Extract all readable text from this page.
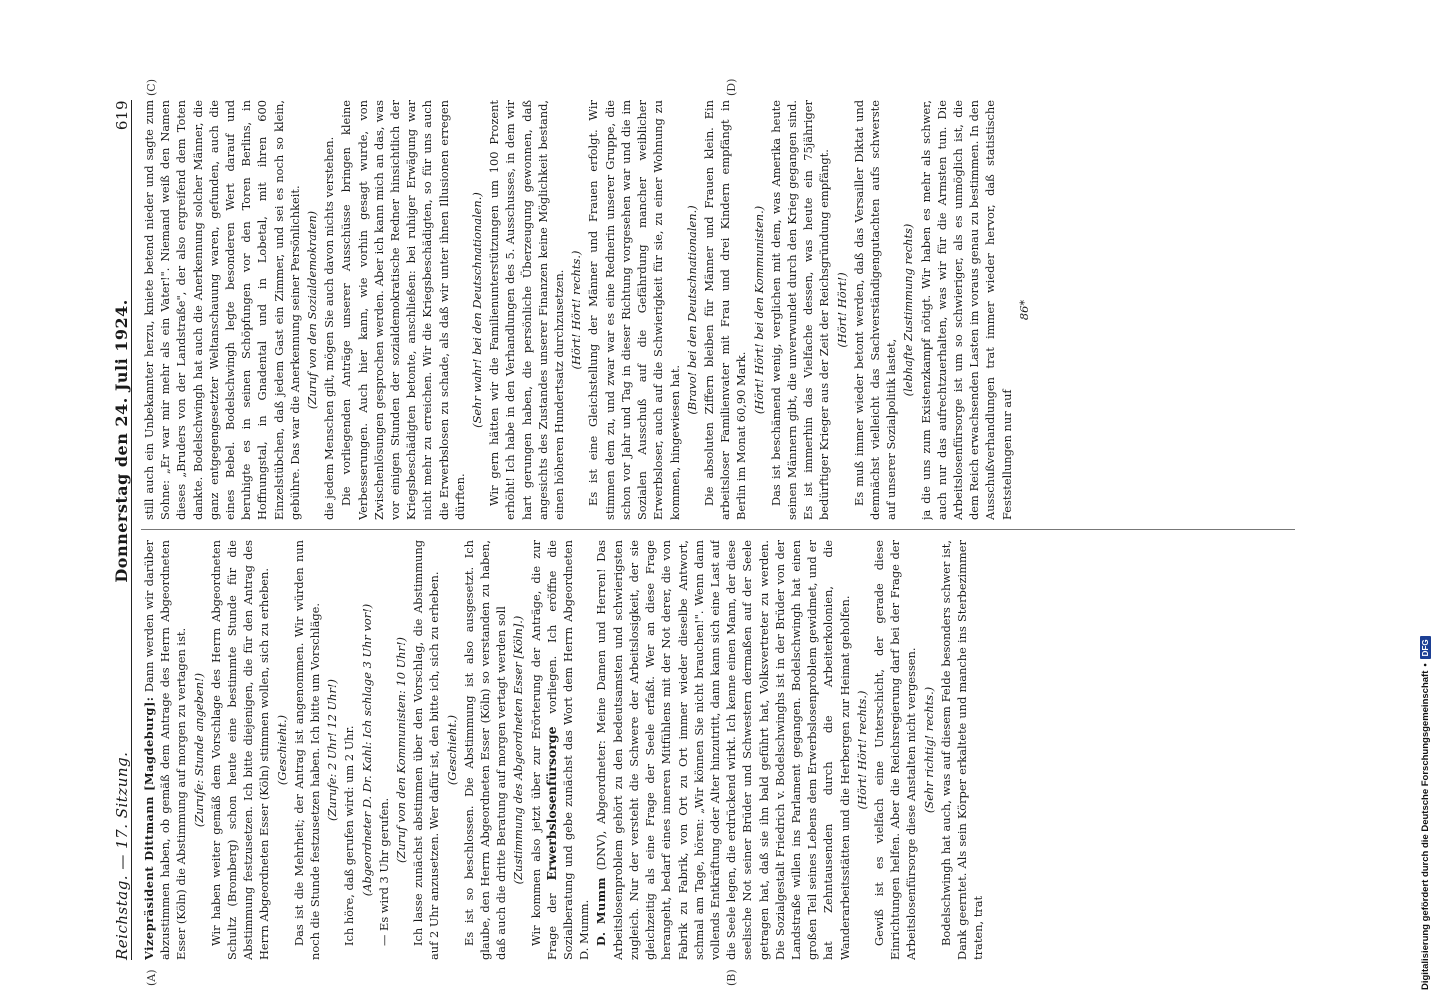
Reichstag. — 17. Sitzung.
Donnerstag den 24. Juli 1924.
619
(A)	(B)
(C)	(D)

Vizepräsident Dittmann [Magdeburg]: Dann werden wir darüber abzustimmen haben, ob gemäß dem Antrage des Herrn Abgeordneten Esser (Köln) die Abstimmung auf morgen zu vertagen ist. (Zurufe: Stunde angeben!) Wir haben weiter gemäß dem Vorschlage des Herrn Abgeordneten Schultz (Bromberg) schon heute eine bestimmte Stunde für die Abstimmung festzusetzen. Ich bitte diejenigen, die für den Antrag des Herrn Abgeordneten Esser (Köln) stimmen wollen, sich zu erheben. (Geschieht.) Das ist die Mehrheit; der Antrag ist angenommen. Wir würden nun noch die Stunde festzusetzen haben. Ich bitte um Vorschläge. (Zurufe: 2 Uhr! 12 Uhr!) Ich höre, daß gerufen wird: um 2 Uhr. (Abgeordneter D. Dr. Kahl: Ich schlage 3 Uhr vor!) — Es wird 3 Uhr gerufen.

(Zuruf von den Kommunisten: 10 Uhr!) Ich lasse zunächst abstimmen über den Vorschlag, die Abstimmung auf 2 Uhr anzusetzen. Wer dafür ist, den bitte ich, sich zu erheben. (Geschieht.) Es ist so beschlossen. Die Abstimmung ist also ausgesetzt. Ich glaube, den Herrn Abgeordneten Esser (Köln) so verstanden zu haben, daß auch die dritte Beratung auf morgen vertagt werden soll (Zustimmung des Abgeordneten Esser [Köln].) Wir kommen also jetzt über zur Erörterung der Anträge, die zur Frage der Erwerbslosenfürsorge vorliegen. Ich eröffne die Sozialberatung und gebe zunächst das Wort dem Herrn Abgeordneten D. Mumm. D. Mumm (DNV), Abgeordneter: Meine Damen und Herren! Das Arbeitslosenproblem gehört zu den bedeutsamsten und schwierigsten zugleich. Nur der versteht die Schwere der Arbeitslosigkeit, der sie gleichzeitig als eine Frage der Seele erfaßt. Wer an diese Frage herangeht, bedarf eines inneren Mitfühlens mit der Not derer, die von Fabrik zu Fabrik, von Ort zu Ort immer wieder dieselbe Antwort, schmal am Tage, hören: „Wir können Sie nicht brauchen!". Wenn dann vollends Entkräftung oder Alter hinzutritt, dann kann sich eine Last auf die Seele legen, die erdrückend wirkt. Ich kenne einen Mann, der diese seelische Not seiner Brüder und Schwestern dermaßen auf der Seele getragen hat, daß sie ihn bald geführt hat, Volksvertreter zu werden. Die Sozialgestalt Friedrich v. Bodelschwinghs ist in der Brüder von der Landstraße willen ins Parlament gegangen. Bodelschwingh hat einen großen Teil seines Lebens dem Erwerbslosenproblem gewidmet, und er hat Zehntausenden durch die Arbeiterkolonien, die Wanderarbeitsstätten und die Herbergen zur Heimat geholfen. (Hört! Hört! rechts.) Gewiß ist es vielfach eine Unterschicht, der gerade diese Einrichtungen helfen. Aber die Reichsregierung darf bei der Frage der Arbeitslosenfürsorge diese Anstalten nicht vergessen. (Sehr richtig! rechts.) Bodelschwingh hat auch, was auf diesem Felde besonders schwer ist, Dank geerntet. Als sein Körper erkaltete und manche ins Sterbezimmer traten, trat

still auch ein Unbekannter herzu, kniete betend nieder und sagte zum Sohne: „Er war mir mehr als ein Vater!". Niemand weiß den Namen dieses „Bruders von der Landstraße", der also ergreifend dem Toten dankte. Bodelschwingh hat auch die Anerkennung solcher Männer, die ganz entgegengesetzter Weltanschauung waren, gefunden, auch die eines Bebel. Bodelschwingh legte besonderen Wert darauf und beruhigte es in seinen Schöpfungen vor den Toren Berlins, in Hoffnungstal, in Gnadental und in Lobetal, mit ihren 600 Einzelstübchen, daß jedem Gast ein Zimmer, und sei es noch so klein, gebühre. Das war die Anerkennung seiner Persönlichkeit. (Zuruf von den Sozialdemokraten) die jedem Menschen gilt, mögen Sie auch davon nichts verstehen. Die vorliegenden Anträge unserer Ausschüsse bringen kleine Verbesserungen. Auch hier kann, wie vorhin gesagt wurde, von Zwischenlösungen gesprochen werden. Aber ich kann mich an das, was vor einigen Stunden der sozialdemokratische Redner hinsichtlich der Kriegsbeschädigten betonte, anschließen: bei ruhiger Erwägung war nicht mehr zu erreichen. Wir die Kriegsbeschädigten, so für uns auch die Erwerbslosen zu schade, als daß wir unter ihnen Illusionen erregen dürften.

(Sehr wahr! bei den Deutschnationalen.) Wir gern hätten wir die Familienunterstützungen um 100 Prozent erhöht! Ich habe in den Verhandlungen des 5. Ausschusses, in dem wir hart gerungen haben, die persönliche Überzeugung gewonnen, daß angesichts des Zustandes unserer Finanzen keine Möglichkeit bestand, einen höheren Hundertsatz durchzusetzen. (Hört! Hört! rechts.) Es ist eine Gleichstellung der Männer und Frauen erfolgt. Wir stimmen dem zu, und zwar war es eine Rednerin unserer Gruppe, die schon vor Jahr und Tag in dieser Richtung vorgesehen war und die im Sozialen Ausschuß auf die Gefährdung mancher weiblicher Erwerbsloser, auch auf die Schwierigkeit für sie, zu einer Wohnung zu kommen, hingewiesen hat.

(Bravo! bei den Deutschnationalen.) Die absoluten Ziffern bleiben für Männer und Frauen klein. Ein arbeitsloser Familienvater mit Frau und drei Kindern empfängt in Berlin im Monat 60,90 Mark.

(Hört! Hört! bei den Kommunisten.) Das ist beschämend wenig, verglichen mit dem, was Amerika heute seinen Männern gibt, die unverwundet durch den Krieg gegangen sind. Es ist immerhin das Vielfache dessen, was heute ein 75jähriger bedürftiger Krieger aus der Zeit der Reichsgründung empfängt. (Hört! Hört!) Es muß immer wieder betont werden, daß das Versailler Diktat und demnächst vielleicht das Sachverständigengutachten aufs schwerste auf unserer Sozialpolitik lastet,

(lebhafte Zustimmung rechts) ja die uns zum Existenzkampf nötigt. Wir haben es mehr als schwer, auch nur das aufrechtzuerhalten, was wir für die Armsten tun. Die Arbeitslosenfürsorge ist um so schwieriger, als es unmöglich ist, die dem Reich erwachsenden Lasten im voraus genau zu bestimmen. In den Ausschußverhandlungen trat immer wieder hervor, daß statistische Feststellungen nur auf

86*

Digitalisierung gefördert durch die Deutsche Forschungsgemeinschaft
•
DFG
